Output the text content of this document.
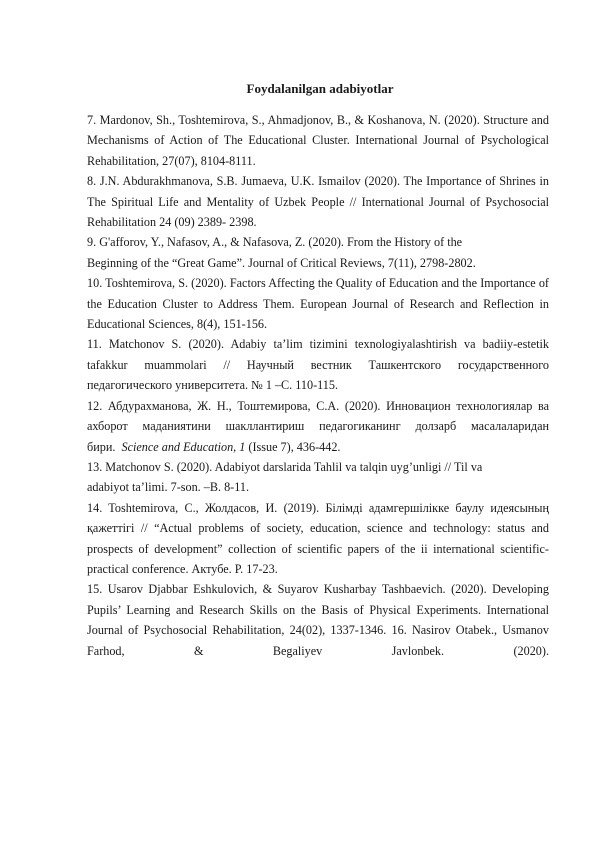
Foydalanilgan adabiyotlar

7. Mardonov, Sh., Toshtemirova, S., Ahmadjonov, B., & Koshanova, N. (2020). Structure and Mechanisms of Action of The Educational Cluster. International Journal of Psychological Rehabilitation, 27(07), 8104-8111.

8. J.N. Abdurakhmanova, S.B. Jumaeva, U.K. Ismailov (2020). The Importance of Shrines in The Spiritual Life and Mentality of Uzbek People // International Journal of Psychosocial Rehabilitation 24 (09) 2389- 2398.

9. G'afforov, Y., Nafasov, A., & Nafasova, Z. (2020). From the History of the
Beginning of the “Great Game”. Journal of Critical Reviews, 7(11), 2798-2802.

10. Toshtemirova, S. (2020). Factors Affecting the Quality of Education and the Importance of the Education Cluster to Address Them. European Journal of Research and Reflection in Educational Sciences, 8(4), 151-156.

11. Matchonov S. (2020). Adabiy ta’lim tizimini texnologiyalashtirish va badiiy-estetik tafakkur muammolari // Научный вестник Ташкентского государственного педагогического университета. № 1 –С. 110-115.

12. Абдурахманова, Ж. Н., Тоштемирова, С.А. (2020). Инновацион технологиялар ва ахборот маданиятини шакллантириш педагогиканинг долзарб масалаларидан бири. Science and Education, 1 (Issue 7), 436-442.

13. Matchonov S. (2020). Adabiyot darslarida Tahlil va talqin uyg’unligi // Til va
adabiyot ta’limi. 7-son. –B. 8-11.

14. Toshtemirova, С., Жолдасов, И. (2019). Білімді адамгершілікке баулу идеясының қажеттігі // “Actual problems of society, education, science and technology: status and prospects of development” collection of scientific papers of the ii international scientific-practical conference. Актубе. P. 17-23.

15. Usarov Djabbar Eshkulovich, & Suyarov Kusharbay Tashbaevich. (2020). Developing Pupils’ Learning and Research Skills on the Basis of Physical Experiments. International Journal of Psychosocial Rehabilitation, 24(02), 1337-1346. 16. Nasirov Otabek., Usmanov Farhod, & Begaliyev Javlonbek. (2020).
